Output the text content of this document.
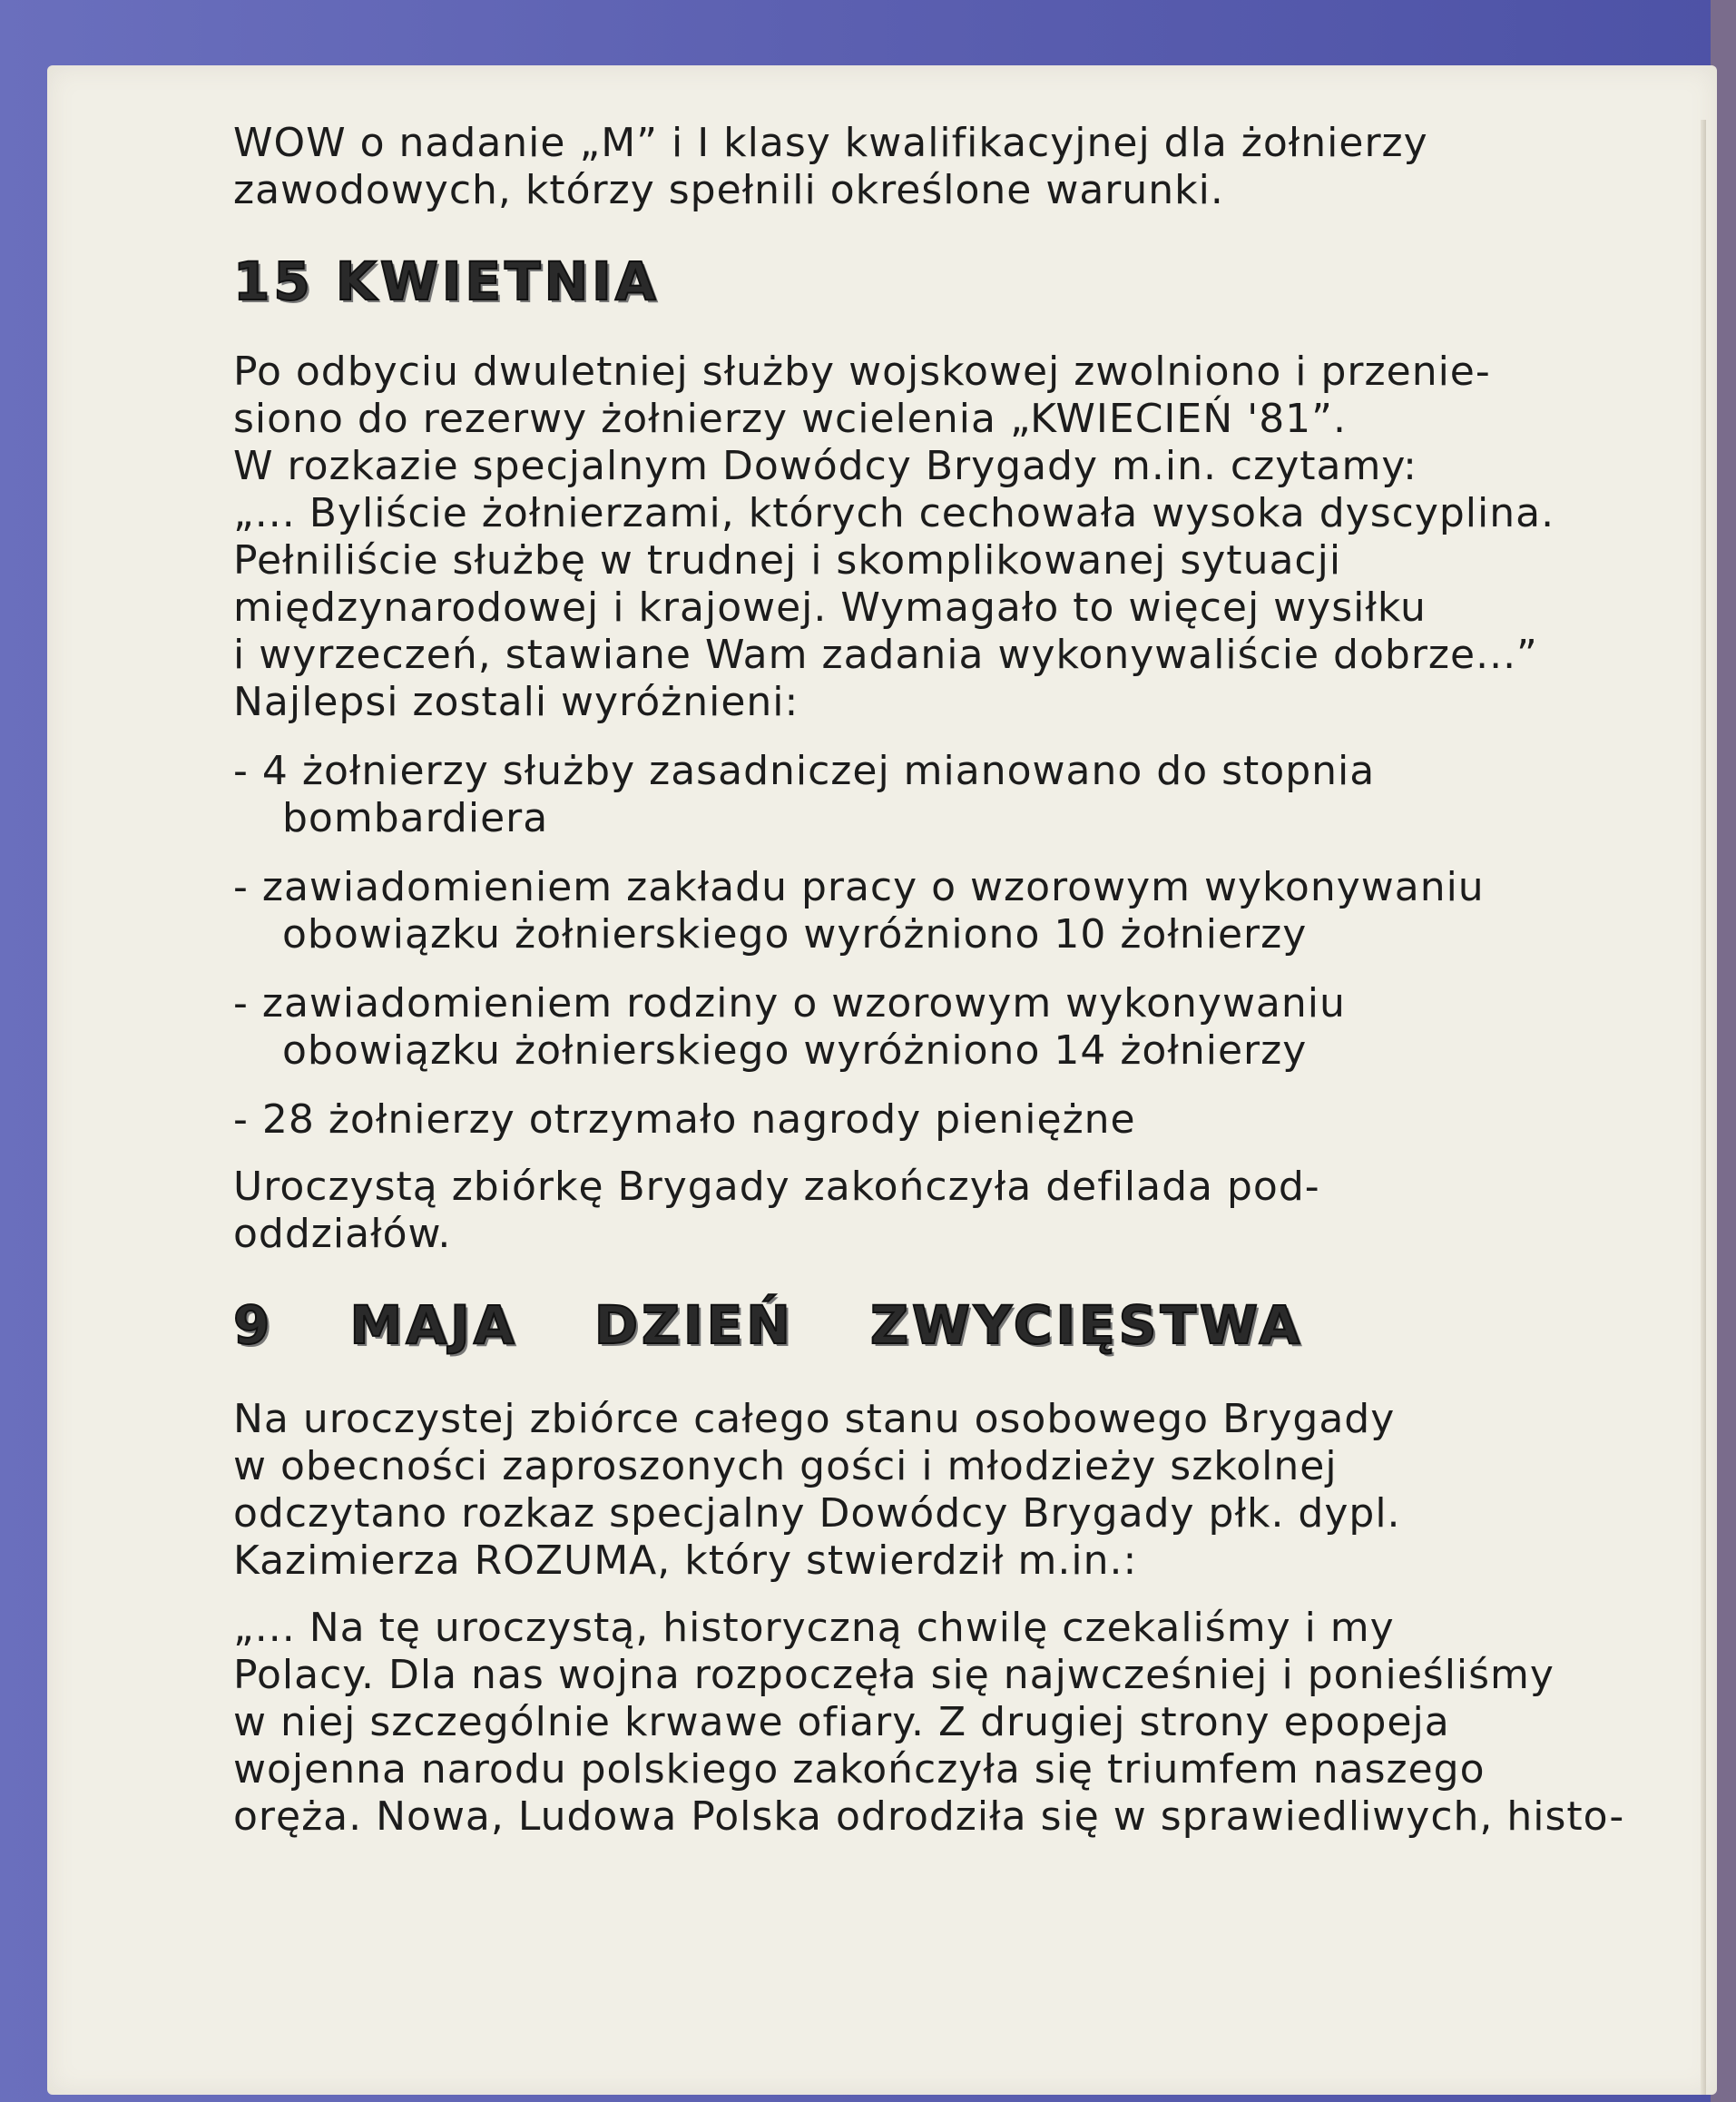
WOW o nadanie „M” i I klasy kwalifikacyjnej dla żołnierzy
zawodowych, którzy spełnili określone warunki.
15 KWIETNIA
Po odbyciu dwuletniej służby wojskowej zwolniono i przenie-
siono do rezerwy żołnierzy wcielenia „KWIECIEŃ '81”.
W rozkazie specjalnym Dowódcy Brygady m.in. czytamy:
„... Byliście żołnierzami, których cechowała wysoka dyscyplina.
Pełniliście służbę w trudnej i skomplikowanej sytuacji
międzynarodowej i krajowej. Wymagało to więcej wysiłku
i wyrzeczeń, stawiane Wam zadania wykonywaliście dobrze...”
Najlepsi zostali wyróżnieni:
- 4 żołnierzy służby zasadniczej mianowano do stopnia
bombardiera
- zawiadomieniem zakładu pracy o wzorowym wykonywaniu
obowiązku żołnierskiego wyróżniono 10 żołnierzy
- zawiadomieniem rodziny o wzorowym wykonywaniu
obowiązku żołnierskiego wyróżniono 14 żołnierzy
- 28 żołnierzy otrzymało nagrody pieniężne
Uroczystą zbiórkę Brygady zakończyła defilada pod-
oddziałów.
9 MAJA DZIEŃ ZWYCIĘSTWA
Na uroczystej zbiórce całego stanu osobowego Brygady
w obecności zaproszonych gości i młodzieży szkolnej
odczytano rozkaz specjalny Dowódcy Brygady płk. dypl.
Kazimierza ROZUMA, który stwierdził m.in.:
„... Na tę uroczystą, historyczną chwilę czekaliśmy i my
Polacy. Dla nas wojna rozpoczęła się najwcześniej i ponieśliśmy
w niej szczególnie krwawe ofiary. Z drugiej strony epopeja
wojenna narodu polskiego zakończyła się triumfem naszego
oręża. Nowa, Ludowa Polska odrodziła się w sprawiedliwych, histo-
